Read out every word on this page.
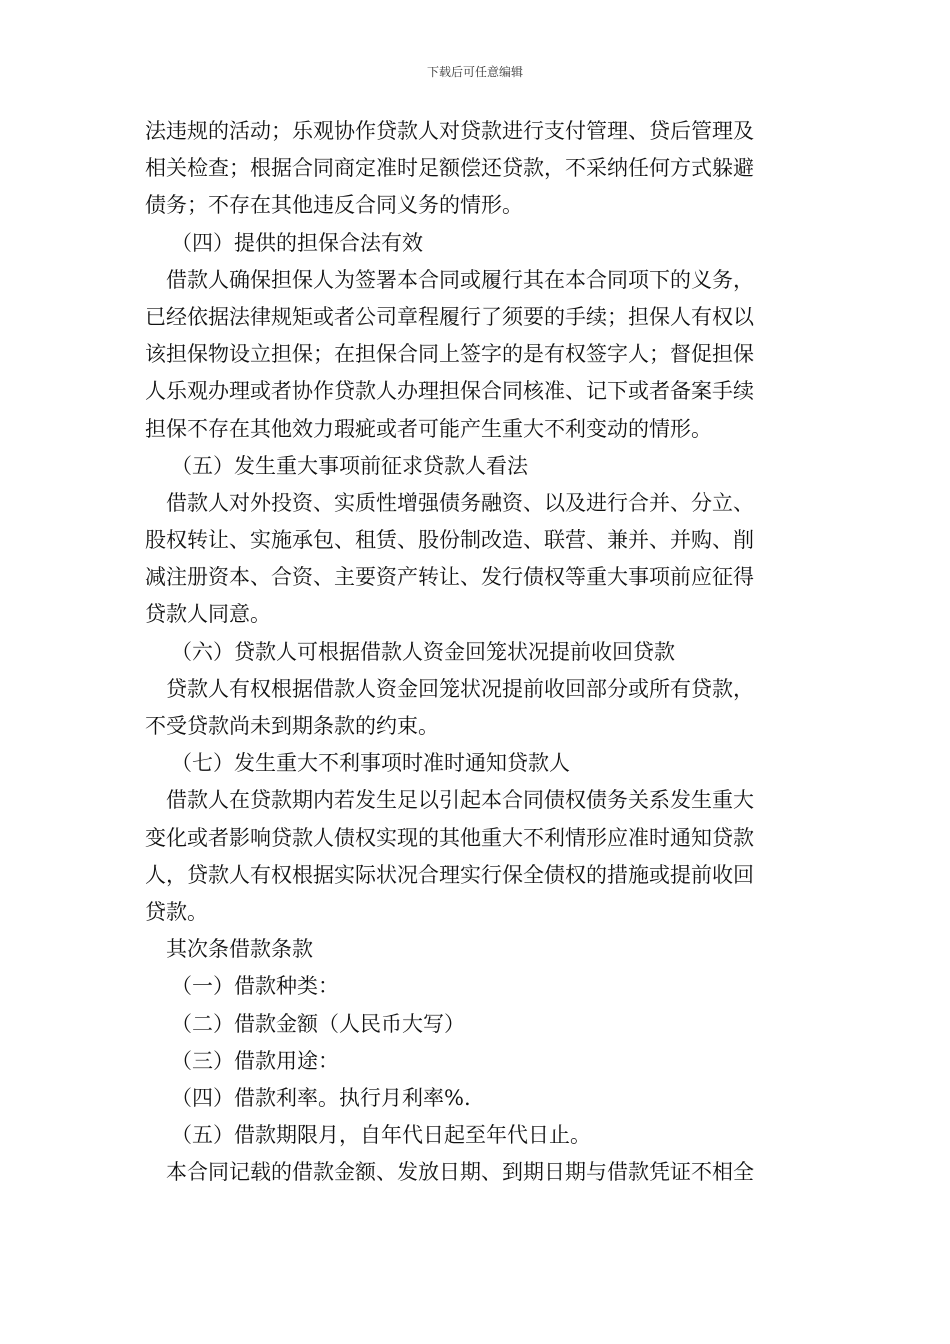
下载后可任意编辑
法违规的活动；乐观协作贷款人对贷款进行支付管理、贷后管理及
相关检查；根据合同商定准时足额偿还贷款，不采纳任何方式躲避
债务；不存在其他违反合同义务的情形。
（四）提供的担保合法有效
借款人确保担保人为签署本合同或履行其在本合同项下的义务，
已经依据法律规矩或者公司章程履行了须要的手续；担保人有权以
该担保物设立担保；在担保合同上签字的是有权签字人；督促担保
人乐观办理或者协作贷款人办理担保合同核准、记下或者备案手续
担保不存在其他效力瑕疵或者可能产生重大不利变动的情形。
（五）发生重大事项前征求贷款人看法
借款人对外投资、实质性增强债务融资、以及进行合并、分立、
股权转让、实施承包、租赁、股份制改造、联营、兼并、并购、削
减注册资本、合资、主要资产转让、发行债权等重大事项前应征得
贷款人同意。
（六）贷款人可根据借款人资金回笼状况提前收回贷款
贷款人有权根据借款人资金回笼状况提前收回部分或所有贷款，
不受贷款尚未到期条款的约束。
（七）发生重大不利事项时准时通知贷款人
借款人在贷款期内若发生足以引起本合同债权债务关系发生重大
变化或者影响贷款人债权实现的其他重大不利情形应准时通知贷款
人，贷款人有权根据实际状况合理实行保全债权的措施或提前收回
贷款。
其次条借款条款
（一）借款种类：
（二）借款金额（人民币大写）
（三）借款用途：
（四）借款利率。执行月利率%.
（五）借款期限月，自年代日起至年代日止。
本合同记载的借款金额、发放日期、到期日期与借款凭证不相全
